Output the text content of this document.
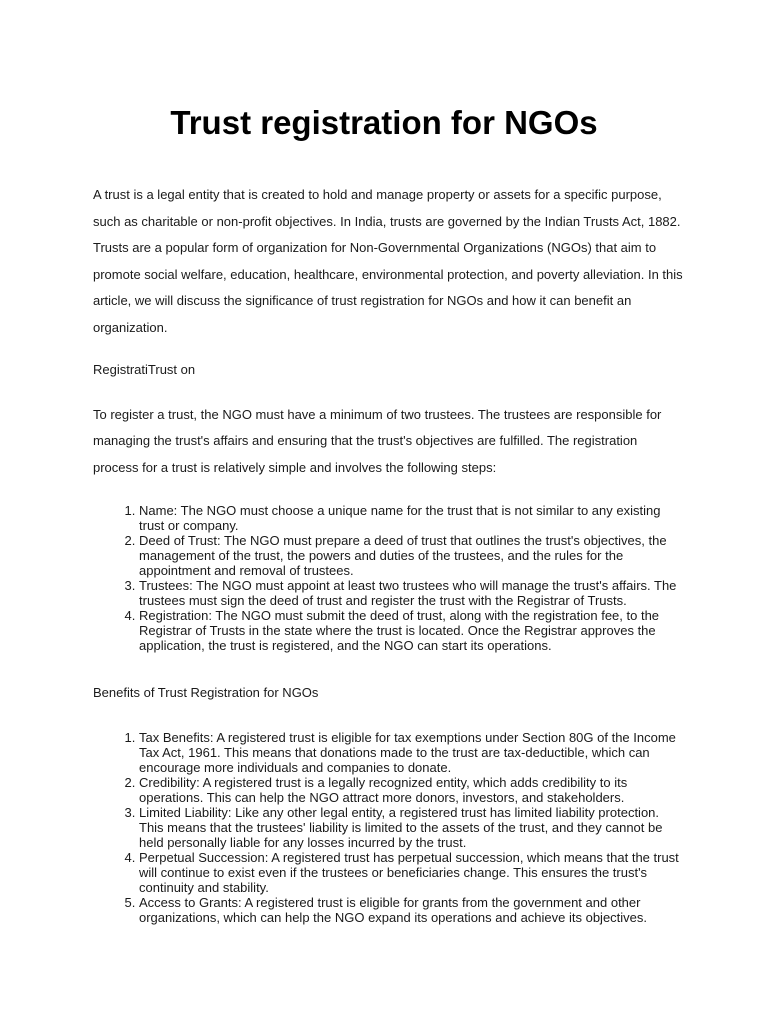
Trust registration for NGOs

A trust is a legal entity that is created to hold and manage property or assets for a specific purpose, such as charitable or non-profit objectives. In India, trusts are governed by the Indian Trusts Act, 1882. Trusts are a popular form of organization for Non-Governmental Organizations (NGOs) that aim to promote social welfare, education, healthcare, environmental protection, and poverty alleviation. In this article, we will discuss the significance of trust registration for NGOs and how it can benefit an organization.

RegistratiTrust on

To register a trust, the NGO must have a minimum of two trustees. The trustees are responsible for managing the trust's affairs and ensuring that the trust's objectives are fulfilled. The registration process for a trust is relatively simple and involves the following steps:

1. Name: The NGO must choose a unique name for the trust that is not similar to any existing trust or company.
2. Deed of Trust: The NGO must prepare a deed of trust that outlines the trust's objectives, the management of the trust, the powers and duties of the trustees, and the rules for the appointment and removal of trustees.
3. Trustees: The NGO must appoint at least two trustees who will manage the trust's affairs. The trustees must sign the deed of trust and register the trust with the Registrar of Trusts.
4. Registration: The NGO must submit the deed of trust, along with the registration fee, to the Registrar of Trusts in the state where the trust is located. Once the Registrar approves the application, the trust is registered, and the NGO can start its operations.

Benefits of Trust Registration for NGOs

1. Tax Benefits: A registered trust is eligible for tax exemptions under Section 80G of the Income Tax Act, 1961. This means that donations made to the trust are tax-deductible, which can encourage more individuals and companies to donate.
2. Credibility: A registered trust is a legally recognized entity, which adds credibility to its operations. This can help the NGO attract more donors, investors, and stakeholders.
3. Limited Liability: Like any other legal entity, a registered trust has limited liability protection. This means that the trustees' liability is limited to the assets of the trust, and they cannot be held personally liable for any losses incurred by the trust.
4. Perpetual Succession: A registered trust has perpetual succession, which means that the trust will continue to exist even if the trustees or beneficiaries change. This ensures the trust's continuity and stability.
5. Access to Grants: A registered trust is eligible for grants from the government and other organizations, which can help the NGO expand its operations and achieve its objectives.
